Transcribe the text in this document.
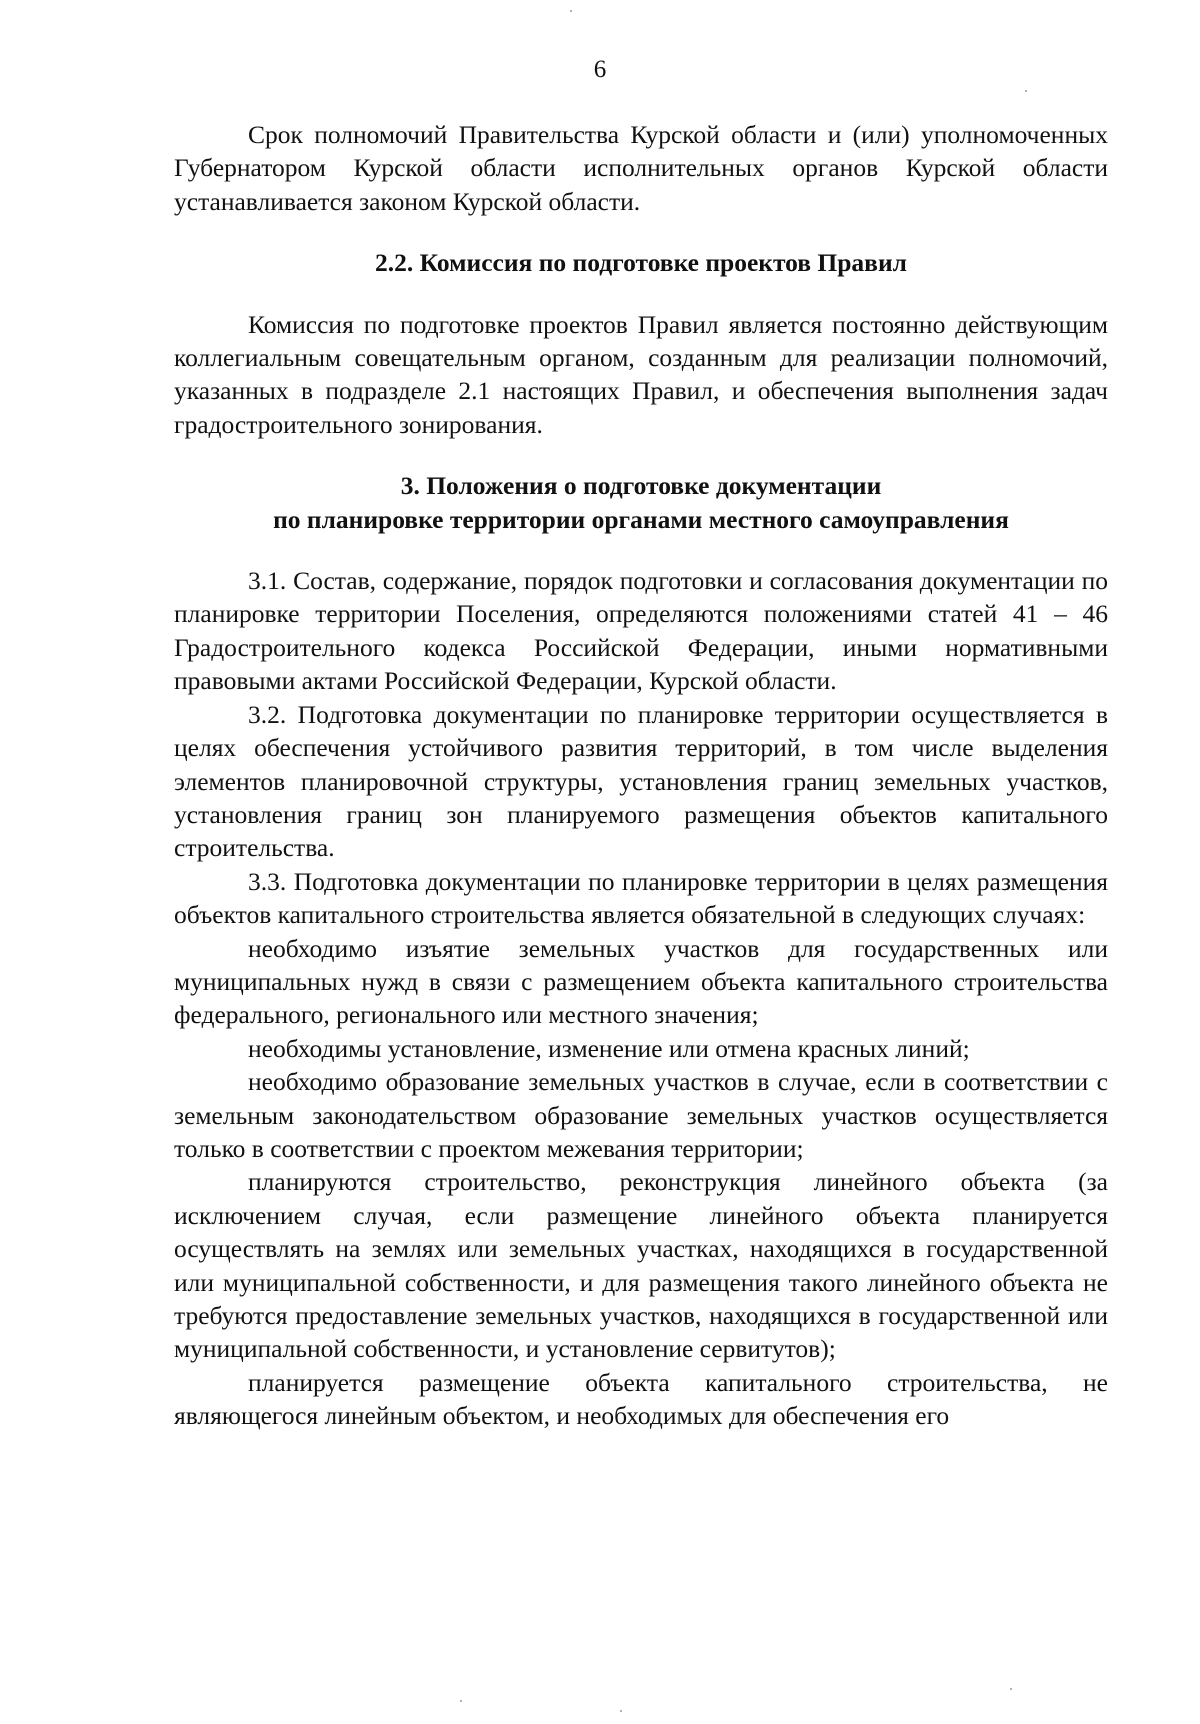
6

Срок полномочий Правительства Курской области и (или) уполномоченных Губернатором Курской области исполнительных органов Курской области устанавливается законом Курской области.

2.2. Комиссия по подготовке проектов Правил

Комиссия по подготовке проектов Правил является постоянно действующим коллегиальным совещательным органом, созданным для реализации полномочий, указанных в подразделе 2.1 настоящих Правил, и обеспечения выполнения задач градостроительного зонирования.

3. Положения о подготовке документации
по планировке территории органами местного самоуправления

3.1. Состав, содержание, порядок подготовки и согласования документации по планировке территории Поселения, определяются положениями статей 41 – 46 Градостроительного кодекса Российской Федерации, иными нормативными правовыми актами Российской Федерации, Курской области.

3.2. Подготовка документации по планировке территории осуществляется в целях обеспечения устойчивого развития территорий, в том числе выделения элементов планировочной структуры, установления границ земельных участков, установления границ зон планируемого размещения объектов капитального строительства.

3.3. Подготовка документации по планировке территории в целях размещения объектов капитального строительства является обязательной в следующих случаях:

необходимо изъятие земельных участков для государственных или муниципальных нужд в связи с размещением объекта капитального строительства федерального, регионального или местного значения;

необходимы установление, изменение или отмена красных линий;

необходимо образование земельных участков в случае, если в соответствии с земельным законодательством образование земельных участков осуществляется только в соответствии с проектом межевания территории;

планируются строительство, реконструкция линейного объекта (за исключением случая, если размещение линейного объекта планируется осуществлять на землях или земельных участках, находящихся в государственной или муниципальной собственности, и для размещения такого линейного объекта не требуются предоставление земельных участков, находящихся в государственной или муниципальной собственности, и установление сервитутов);

планируется размещение объекта капитального строительства, не являющегося линейным объектом, и необходимых для обеспечения его
